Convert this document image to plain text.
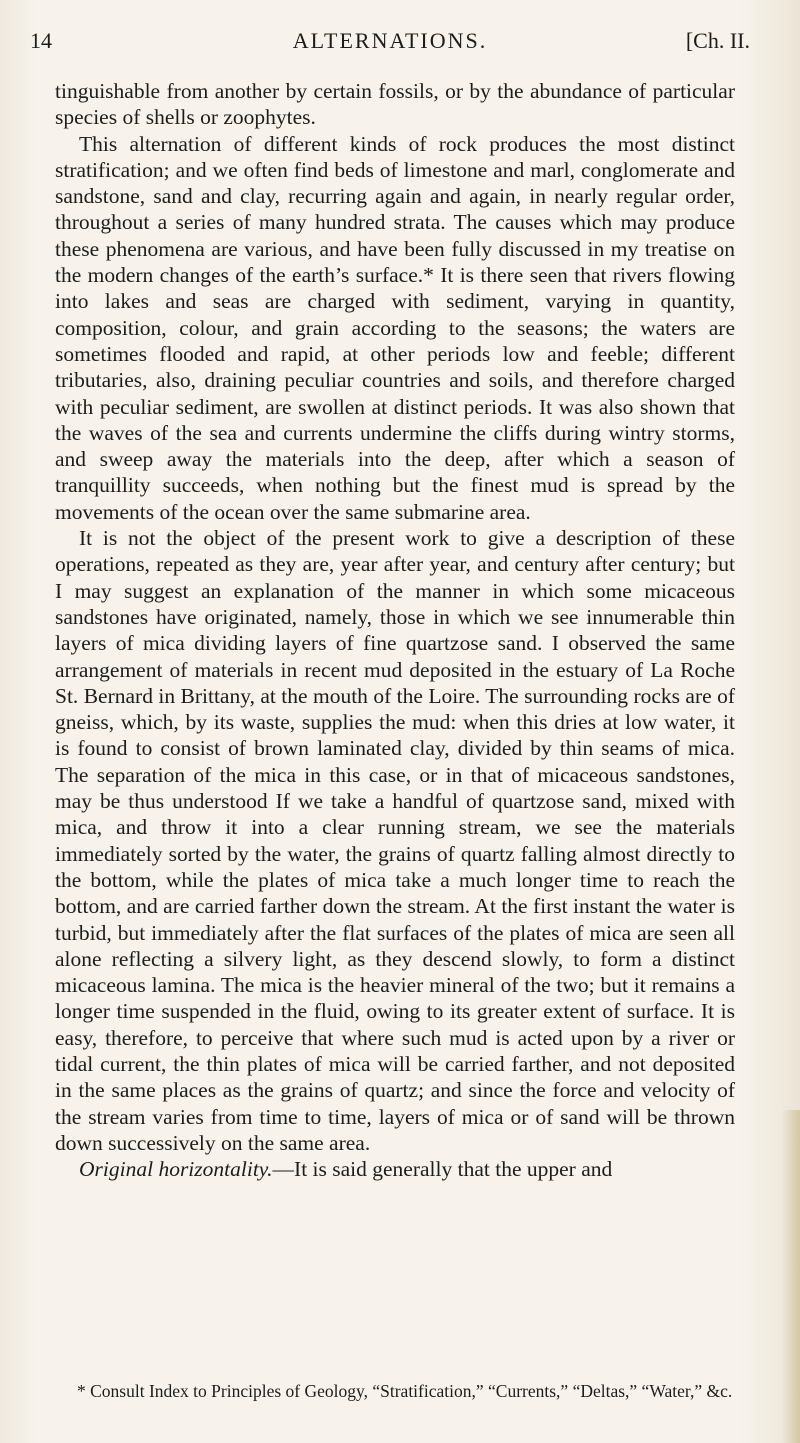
14	ALTERNATIONS.	[Ch. II.

tinguishable from another by certain fossils, or by the abundance of particular species of shells or zoophytes.

This alternation of different kinds of rock produces the most distinct stratification; and we often find beds of limestone and marl, conglomerate and sandstone, sand and clay, recurring again and again, in nearly regular order, throughout a series of many hundred strata. The causes which may produce these phenomena are various, and have been fully discussed in my treatise on the modern changes of the earth’s surface.* It is there seen that rivers flowing into lakes and seas are charged with sediment, varying in quantity, composition, colour, and grain according to the seasons; the waters are sometimes flooded and rapid, at other periods low and feeble; different tributaries, also, draining peculiar countries and soils, and therefore charged with peculiar sediment, are swollen at distinct periods. It was also shown that the waves of the sea and currents undermine the cliffs during wintry storms, and sweep away the materials into the deep, after which a season of tranquillity succeeds, when nothing but the finest mud is spread by the movements of the ocean over the same submarine area.

It is not the object of the present work to give a description of these operations, repeated as they are, year after year, and century after century; but I may suggest an explanation of the manner in which some micaceous sandstones have originated, namely, those in which we see innumerable thin layers of mica dividing layers of fine quartzose sand. I observed the same arrangement of materials in recent mud deposited in the estuary of La Roche St. Bernard in Brittany, at the mouth of the Loire. The surrounding rocks are of gneiss, which, by its waste, supplies the mud: when this dries at low water, it is found to consist of brown laminated clay, divided by thin seams of mica. The separation of the mica in this case, or in that of micaceous sandstones, may be thus understood If we take a handful of quartzose sand, mixed with mica, and throw it into a clear running stream, we see the materials immediately sorted by the water, the grains of quartz falling almost directly to the bottom, while the plates of mica take a much longer time to reach the bottom, and are carried farther down the stream. At the first instant the water is turbid, but immediately after the flat surfaces of the plates of mica are seen all alone reflecting a silvery light, as they descend slowly, to form a distinct micaceous lamina. The mica is the heavier mineral of the two; but it remains a longer time suspended in the fluid, owing to its greater extent of surface. It is easy, therefore, to perceive that where such mud is acted upon by a river or tidal current, the thin plates of mica will be carried farther, and not deposited in the same places as the grains of quartz; and since the force and velocity of the stream varies from time to time, layers of mica or of sand will be thrown down successively on the same area.

Original horizontality.—It is said generally that the upper and

* Consult Index to Principles of Geology, “Stratification,” “Currents,” “Deltas,” “Water,” &c.
